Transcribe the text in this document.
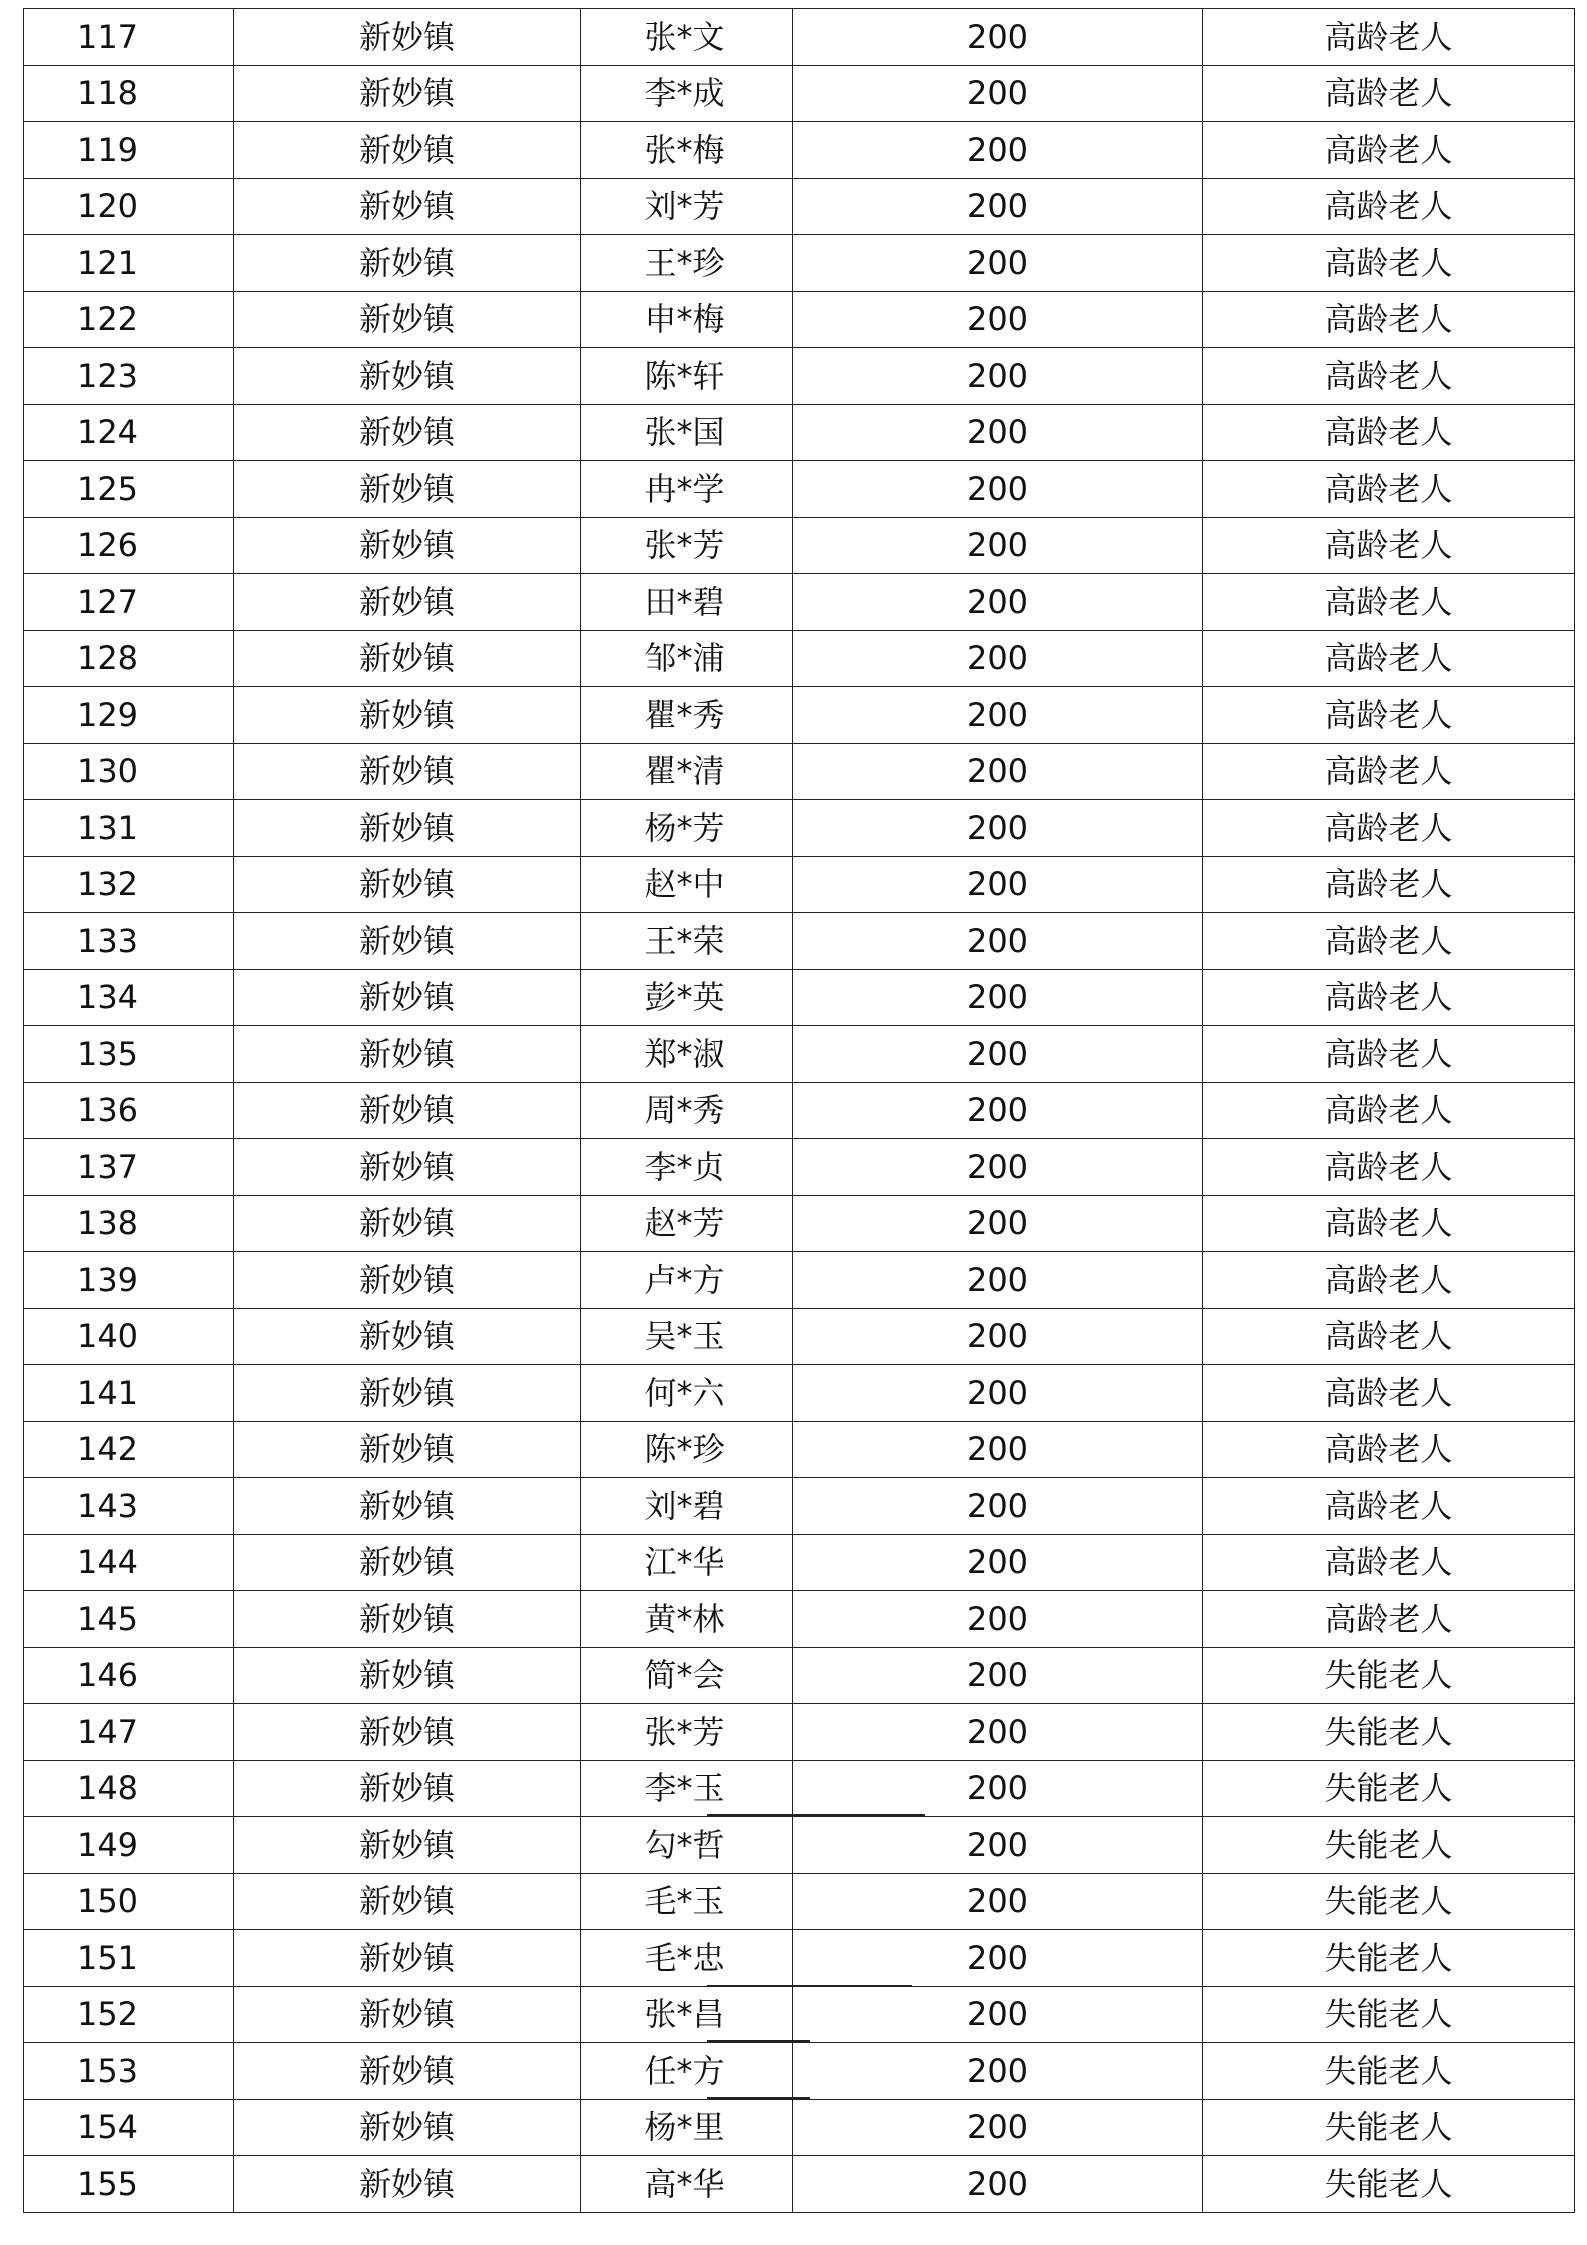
117	新妙镇	张*文	200	高龄老人
118	新妙镇	李*成	200	高龄老人
119	新妙镇	张*梅	200	高龄老人
120	新妙镇	刘*芳	200	高龄老人
121	新妙镇	王*珍	200	高龄老人
122	新妙镇	申*梅	200	高龄老人
123	新妙镇	陈*轩	200	高龄老人
124	新妙镇	张*国	200	高龄老人
125	新妙镇	冉*学	200	高龄老人
126	新妙镇	张*芳	200	高龄老人
127	新妙镇	田*碧	200	高龄老人
128	新妙镇	邹*浦	200	高龄老人
129	新妙镇	瞿*秀	200	高龄老人
130	新妙镇	瞿*清	200	高龄老人
131	新妙镇	杨*芳	200	高龄老人
132	新妙镇	赵*中	200	高龄老人
133	新妙镇	王*荣	200	高龄老人
134	新妙镇	彭*英	200	高龄老人
135	新妙镇	郑*淑	200	高龄老人
136	新妙镇	周*秀	200	高龄老人
137	新妙镇	李*贞	200	高龄老人
138	新妙镇	赵*芳	200	高龄老人
139	新妙镇	卢*方	200	高龄老人
140	新妙镇	吴*玉	200	高龄老人
141	新妙镇	何*六	200	高龄老人
142	新妙镇	陈*珍	200	高龄老人
143	新妙镇	刘*碧	200	高龄老人
144	新妙镇	江*华	200	高龄老人
145	新妙镇	黄*林	200	高龄老人
146	新妙镇	简*会	200	失能老人
147	新妙镇	张*芳	200	失能老人
148	新妙镇	李*玉	200	失能老人
149	新妙镇	勾*哲	200	失能老人
150	新妙镇	毛*玉	200	失能老人
151	新妙镇	毛*忠	200	失能老人
152	新妙镇	张*昌	200	失能老人
153	新妙镇	任*方	200	失能老人
154	新妙镇	杨*里	200	失能老人
155	新妙镇	高*华	200	失能老人
